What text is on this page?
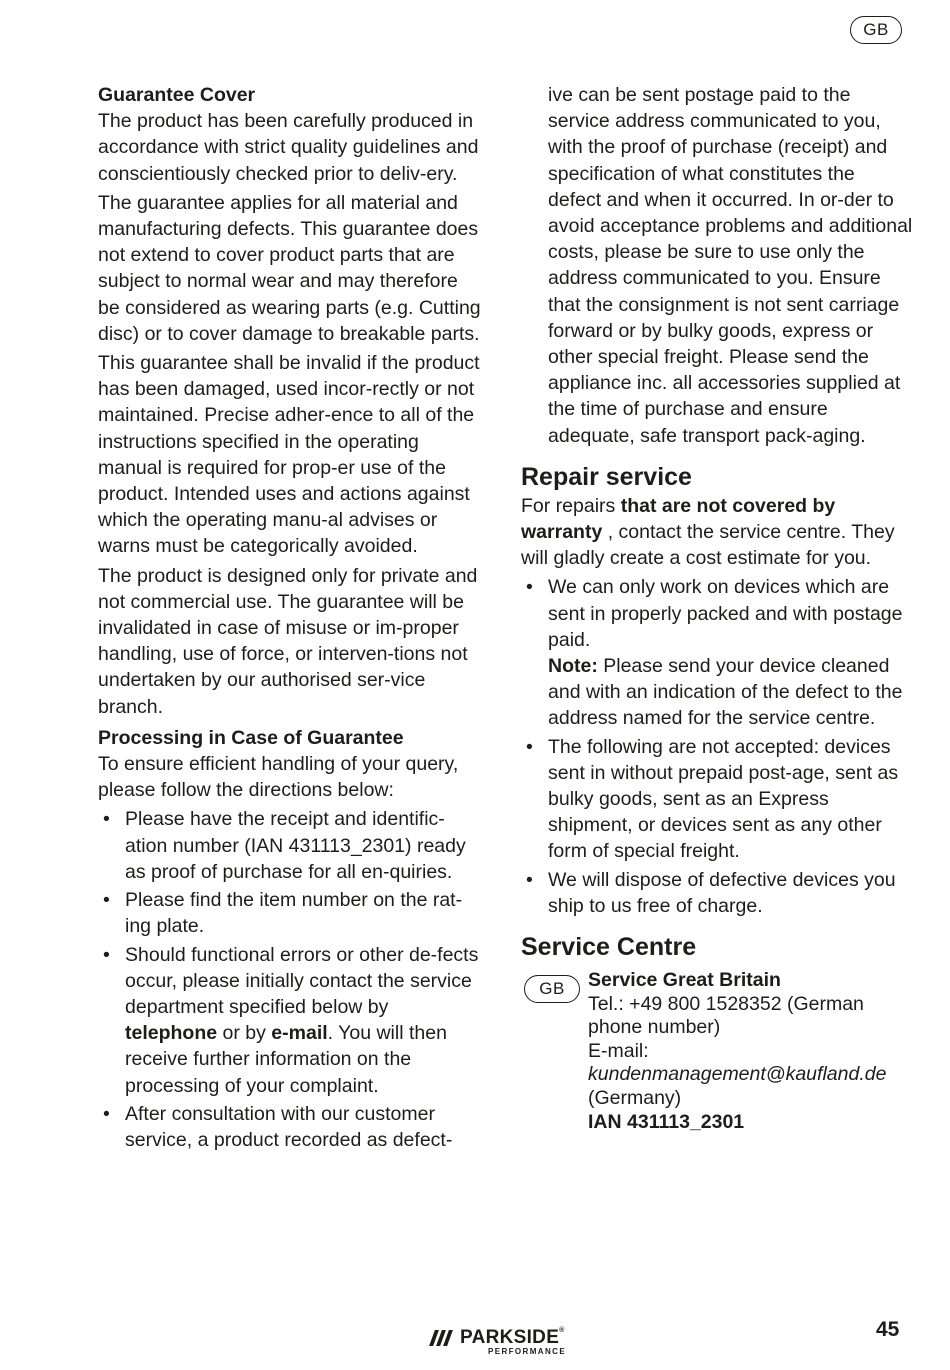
GB
Guarantee Cover

The product has been carefully produced in accordance with strict quality guidelines and conscientiously checked prior to deliv-ery.

The guarantee applies for all material and manufacturing defects. This guarantee does not extend to cover product parts that are subject to normal wear and may therefore be considered as wearing parts (e.g. Cutting disc) or to cover damage to breakable parts.

This guarantee shall be invalid if the product has been damaged, used incor-rectly or not maintained. Precise adher-ence to all of the instructions specified in the operating manual is required for prop-er use of the product. Intended uses and actions against which the operating manu-al advises or warns must be categorically avoided.

The product is designed only for private and not commercial use. The guarantee will be invalidated in case of misuse or im-proper handling, use of force, or interven-tions not undertaken by our authorised ser-vice branch.

Processing in Case of Guarantee

To ensure efficient handling of your query, please follow the directions below:

• Please have the receipt and identific-ation number (IAN 431113_2301) ready as proof of purchase for all en-quiries.
• Please find the item number on the rat-ing plate.
• Should functional errors or other de-fects occur, please initially contact the service department specified below by telephone or by e-mail. You will then receive further information on the processing of your complaint.
• After consultation with our customer service, a product recorded as defect-

ive can be sent postage paid to the service address communicated to you, with the proof of purchase (receipt) and specification of what constitutes the defect and when it occurred. In or-der to avoid acceptance problems and additional costs, please be sure to use only the address communicated to you. Ensure that the consignment is not sent carriage forward or by bulky goods, express or other special freight. Please send the appliance inc. all accessories supplied at the time of purchase and ensure adequate, safe transport pack-aging.

Repair service

For repairs that are not covered by warranty , contact the service centre. They will gladly create a cost estimate for you.

• We can only work on devices which are sent in properly packed and with postage paid.
Note: Please send your device cleaned and with an indication of the defect to the address named for the service centre.
• The following are not accepted: devices sent in without prepaid post-age, sent as bulky goods, sent as an Express shipment, or devices sent as any other form of special freight.
• We will dispose of defective devices you ship to us free of charge.
Service Centre
GB	Service Great Britain
Tel.: +49 800 1528352 (German phone number)
E-mail:
kundenmanagement@kaufland.de
(Germany)
IAN 431113_2301
PARKSIDE®
PERFORMANCE
45
